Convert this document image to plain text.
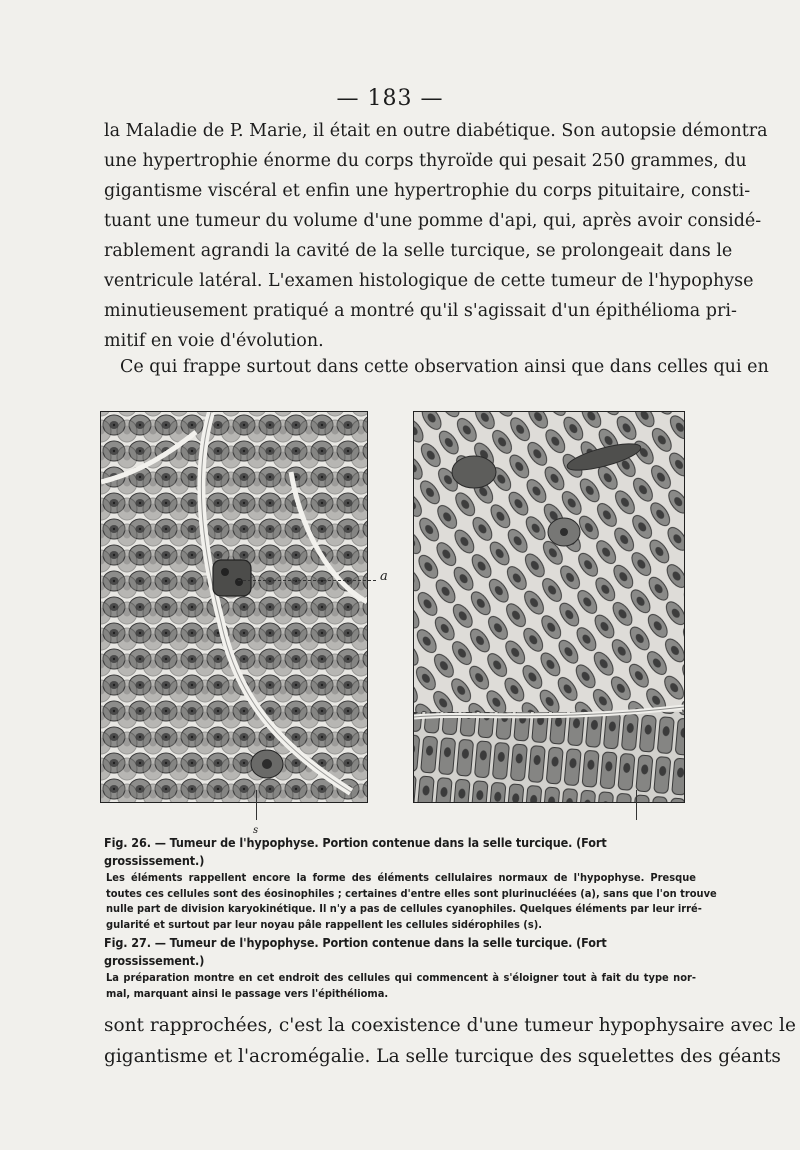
— 183 —
la Maladie de P. Marie, il était en outre diabétique. Son autopsie démontra
une hypertrophie énorme du corps thyroïde qui pesait 250 grammes, du
gigantisme viscéral et enfin une hypertrophie du corps pituitaire, consti-
tuant une tumeur du volume d'une pomme d'api, qui, après avoir considé-
rablement agrandi la cavité de la selle turcique, se prolongeait dans le
ventricule latéral. L'examen histologique de cette tumeur de l'hypophyse
minutieusement pratiqué a montré qu'il s'agissait d'un épithélioma pri-
mitif en voie d'évolution.
Ce qui frappe surtout dans cette observation ainsi que dans celles qui en
a
s
Fig. 26. — Tumeur de l'hypophyse. Portion contenue dans la selle turcique. (Fort grossissement.)
Les éléments rappellent encore la forme des éléments cellulaires normaux de l'hypophyse. Presque
toutes ces cellules sont des éosinophiles ; certaines d'entre elles sont plurinucléées (a), sans que l'on trouve
nulle part de division karyokinétique. Il n'y a pas de cellules cyanophiles. Quelques éléments par leur irré-
gularité et surtout par leur noyau pâle rappellent les cellules sidérophiles (s).
Fig. 27. — Tumeur de l'hypophyse. Portion contenue dans la selle turcique. (Fort grossissement.)
La préparation montre en cet endroit des cellules qui commencent à s'éloigner tout à fait du type nor-
mal, marquant ainsi le passage vers l'épithélioma.
sont rapprochées, c'est la coexistence d'une tumeur hypophysaire avec le
gigantisme et l'acromégalie. La selle turcique des squelettes des géants
